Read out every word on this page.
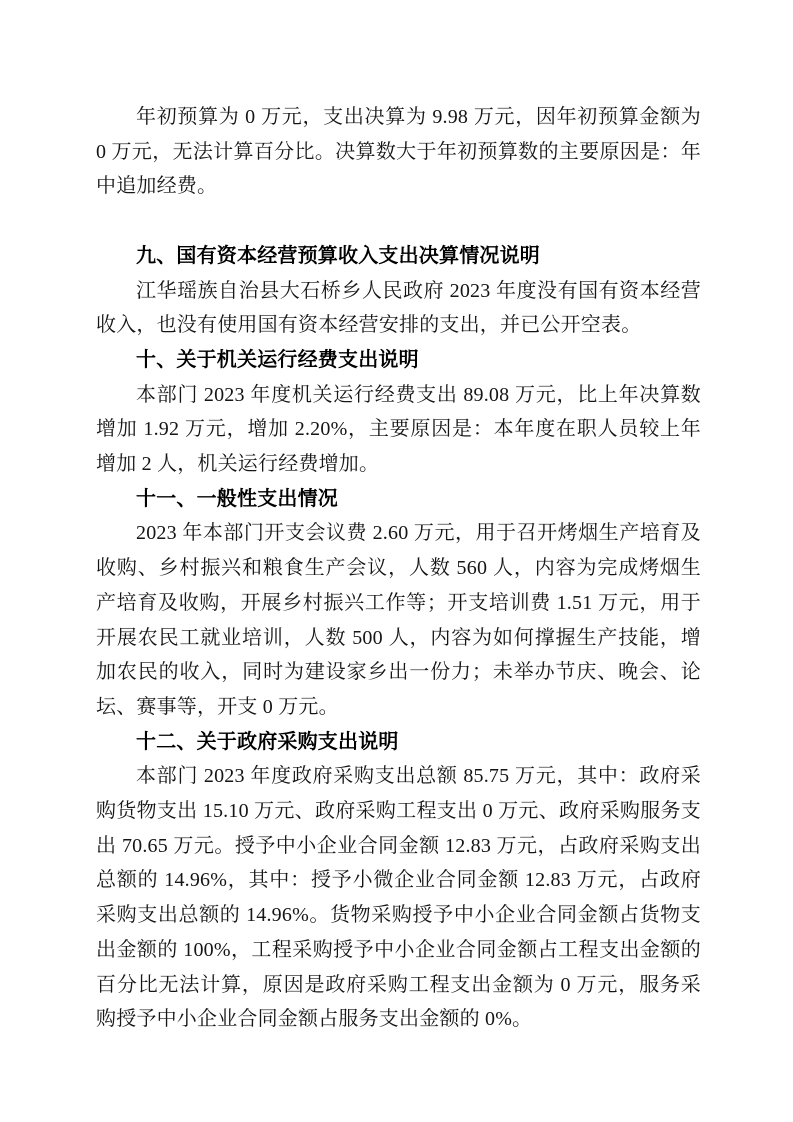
年初预算为 0 万元，支出决算为 9.98 万元，因年初预算金额为 0 万元，无法计算百分比。决算数大于年初预算数的主要原因是：年中追加经费。

九、国有资本经营预算收入支出决算情况说明

江华瑶族自治县大石桥乡人民政府 2023 年度没有国有资本经营收入，也没有使用国有资本经营安排的支出，并已公开空表。

十、关于机关运行经费支出说明

本部门 2023 年度机关运行经费支出 89.08 万元，比上年决算数增加 1.92 万元，增加 2.20%，主要原因是：本年度在职人员较上年增加 2 人，机关运行经费增加。

十一、一般性支出情况

2023 年本部门开支会议费 2.60 万元，用于召开烤烟生产培育及收购、乡村振兴和粮食生产会议，人数 560 人，内容为完成烤烟生产培育及收购，开展乡村振兴工作等；开支培训费 1.51 万元，用于开展农民工就业培训，人数 500 人，内容为如何撑握生产技能，增加农民的收入，同时为建设家乡出一份力；未举办节庆、晚会、论坛、赛事等，开支 0 万元。

十二、关于政府采购支出说明

本部门 2023 年度政府采购支出总额 85.75 万元，其中：政府采购货物支出 15.10 万元、政府采购工程支出 0 万元、政府采购服务支出 70.65 万元。授予中小企业合同金额 12.83 万元，占政府采购支出总额的 14.96%，其中：授予小微企业合同金额 12.83 万元，占政府采购支出总额的 14.96%。货物采购授予中小企业合同金额占货物支出金额的 100%，工程采购授予中小企业合同金额占工程支出金额的百分比无法计算，原因是政府采购工程支出金额为 0 万元，服务采购授予中小企业合同金额占服务支出金额的 0%。
